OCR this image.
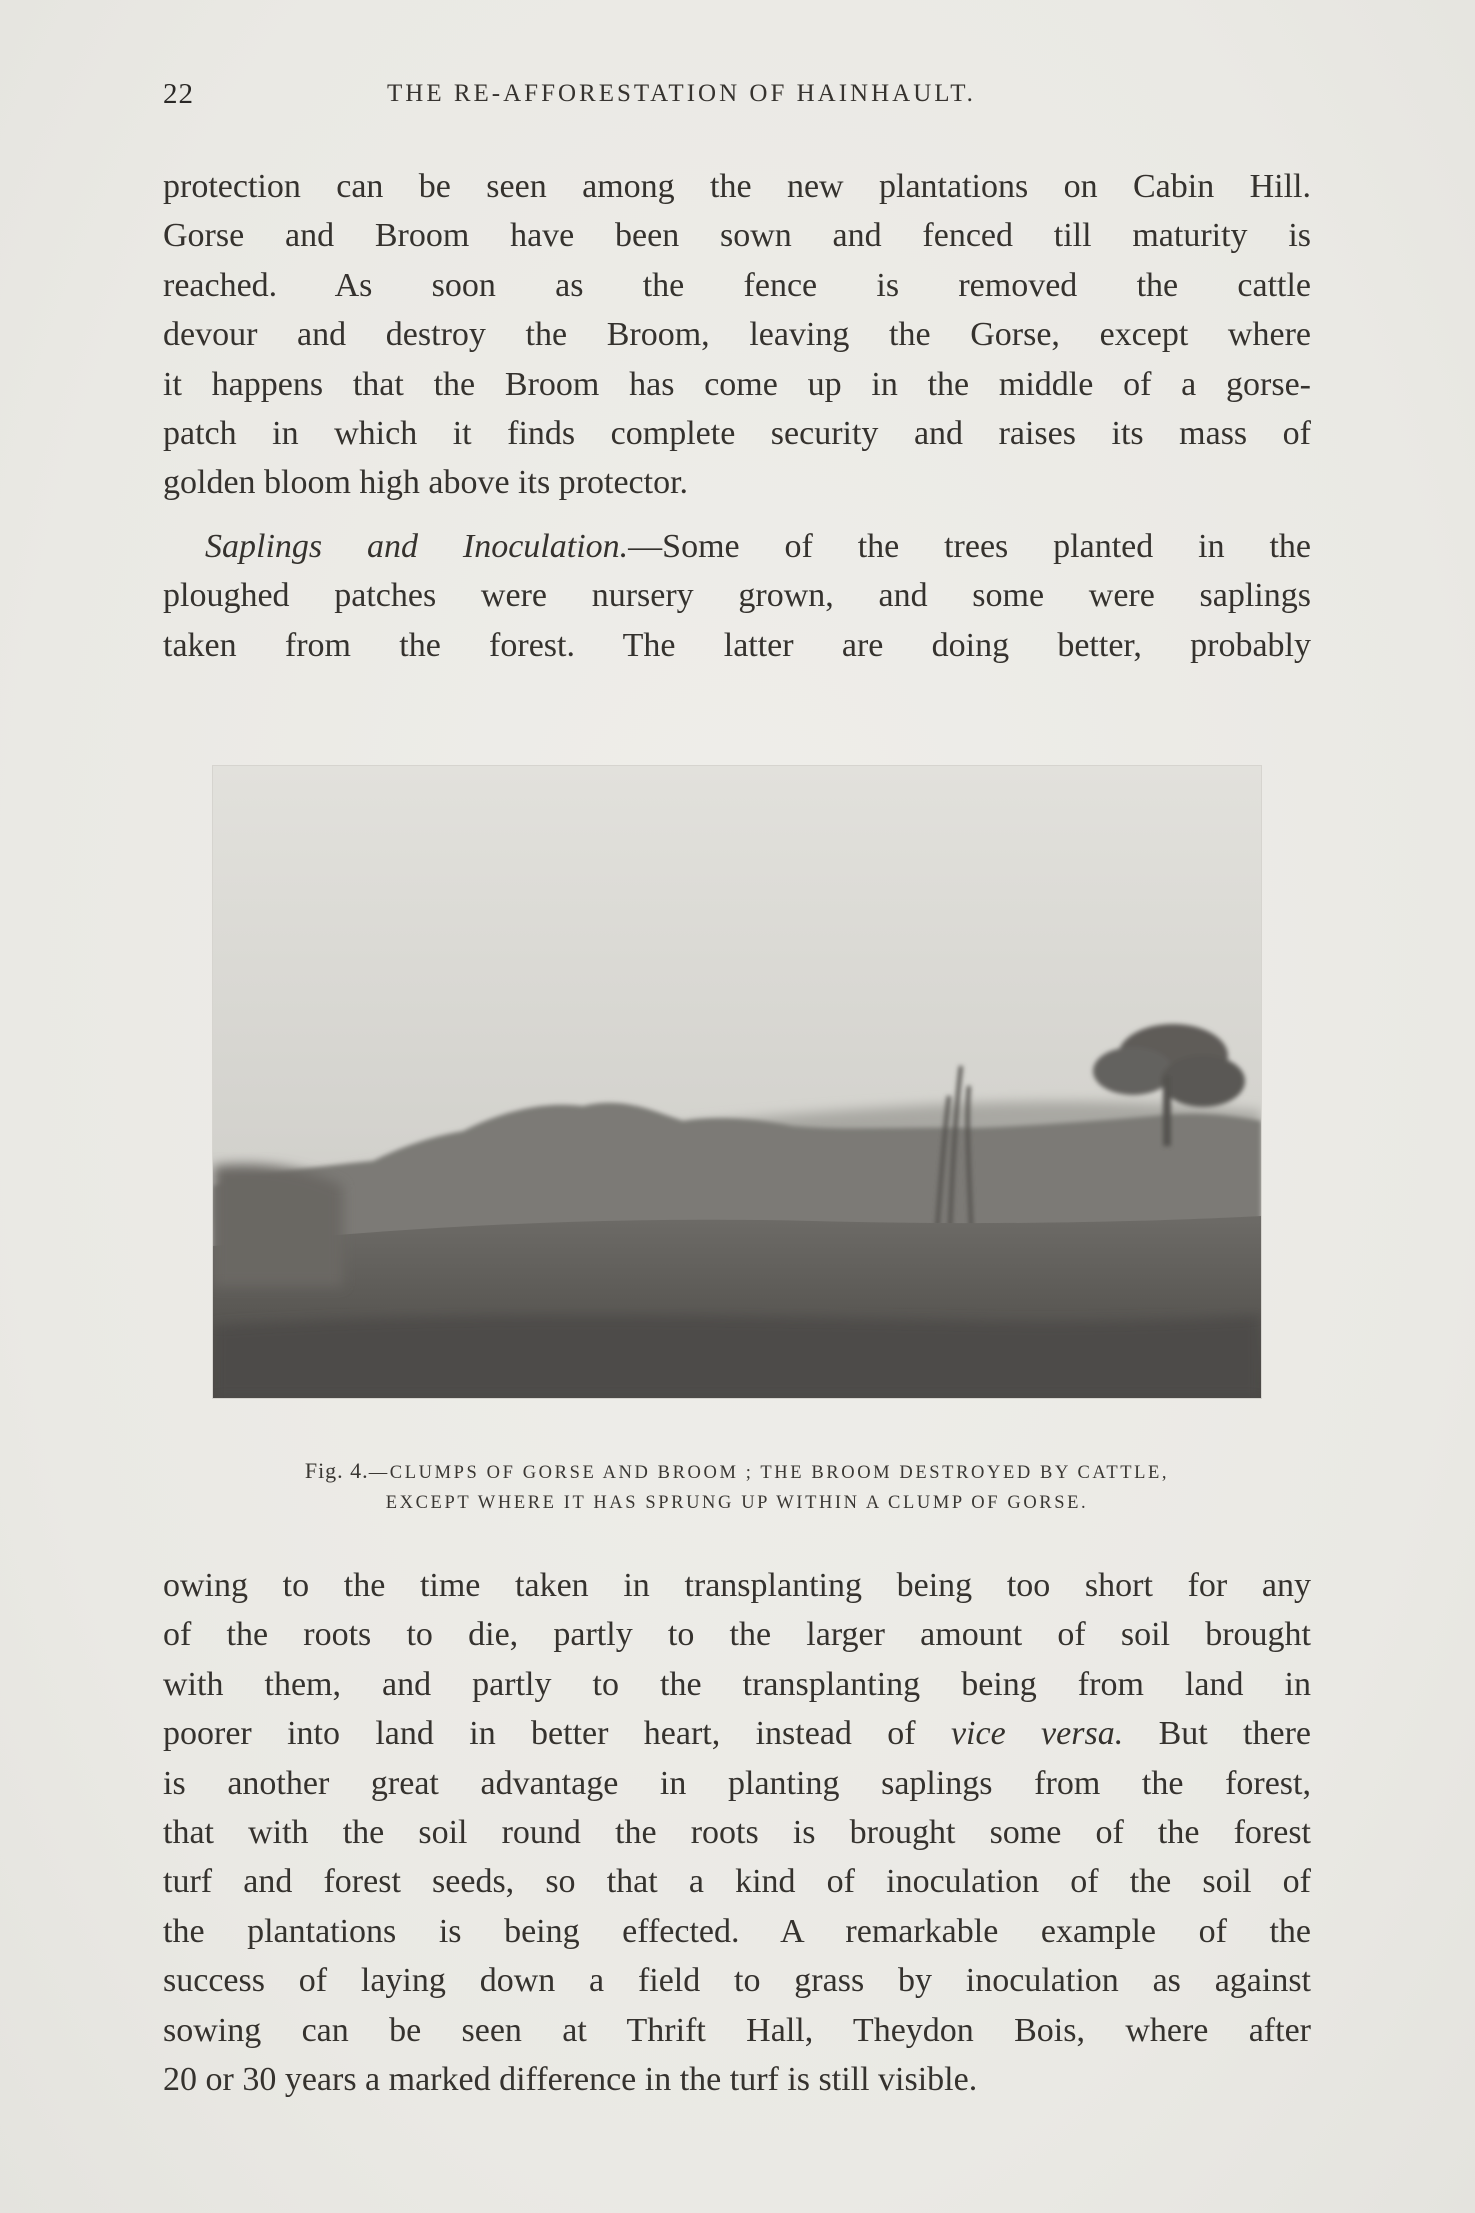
22	THE RE-AFFORESTATION OF HAINHAULT.
protection can be seen among the new plantations on Cabin Hill.
Gorse and Broom have been sown and fenced till maturity is
reached. As soon as the fence is removed the cattle
devour and destroy the Broom, leaving the Gorse, except where
it happens that the Broom has come up in the middle of a gorse-
patch in which it finds complete security and raises its mass of
golden bloom high above its protector.
Saplings and Inoculation.—Some of the trees planted in the
ploughed patches were nursery grown, and some were saplings
taken from the forest. The latter are doing better, probably
Fig. 4.—CLUMPS OF GORSE AND BROOM ; THE BROOM DESTROYED BY CATTLE,
EXCEPT WHERE IT HAS SPRUNG UP WITHIN A CLUMP OF GORSE.
owing to the time taken in transplanting being too short for any
of the roots to die, partly to the larger amount of soil brought
with them, and partly to the transplanting being from land in
poorer into land in better heart, instead of vice versa. But there
is another great advantage in planting saplings from the forest,
that with the soil round the roots is brought some of the forest
turf and forest seeds, so that a kind of inoculation of the soil of
the plantations is being effected. A remarkable example of the
success of laying down a field to grass by inoculation as against
sowing can be seen at Thrift Hall, Theydon Bois, where after
20 or 30 years a marked difference in the turf is still visible.
